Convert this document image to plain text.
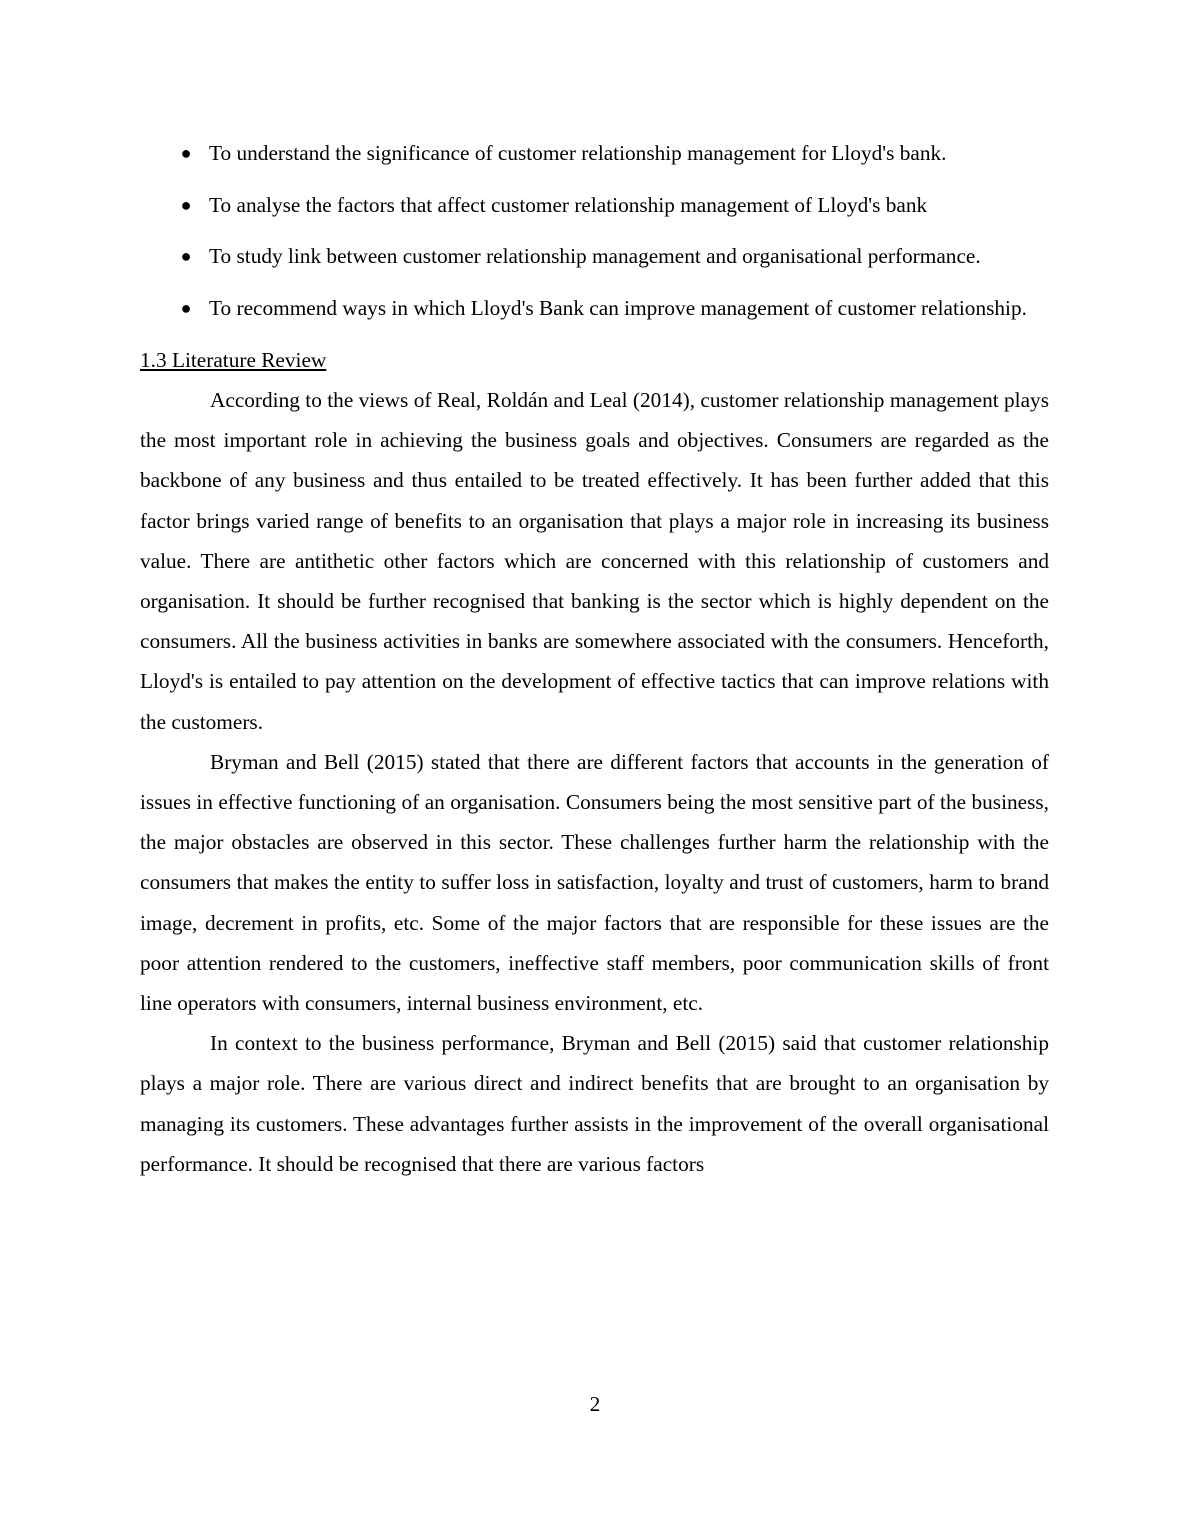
● To understand the significance of customer relationship management for Lloyd's bank.
● To analyse the factors that affect customer relationship management of Lloyd's bank
● To study link between customer relationship management and organisational performance.
● To recommend ways in which Lloyd's Bank can improve management of customer relationship.
1.3 Literature Review

According to the views of Real, Roldán and Leal (2014), customer relationship management plays the most important role in achieving the business goals and objectives. Consumers are regarded as the backbone of any business and thus entailed to be treated effectively. It has been further added that this factor brings varied range of benefits to an organisation that plays a major role in increasing its business value. There are antithetic other factors which are concerned with this relationship of customers and organisation. It should be further recognised that banking is the sector which is highly dependent on the consumers. All the business activities in banks are somewhere associated with the consumers. Henceforth, Lloyd's is entailed to pay attention on the development of effective tactics that can improve relations with the customers.

Bryman and Bell (2015) stated that there are different factors that accounts in the generation of issues in effective functioning of an organisation. Consumers being the most sensitive part of the business, the major obstacles are observed in this sector. These challenges further harm the relationship with the consumers that makes the entity to suffer loss in satisfaction, loyalty and trust of customers, harm to brand image, decrement in profits, etc. Some of the major factors that are responsible for these issues are the poor attention rendered to the customers, ineffective staff members, poor communication skills of front line operators with consumers, internal business environment, etc.

In context to the business performance, Bryman and Bell (2015) said that customer relationship plays a major role. There are various direct and indirect benefits that are brought to an organisation by managing its customers. These advantages further assists in the improvement of the overall organisational performance. It should be recognised that there are various factors

2
